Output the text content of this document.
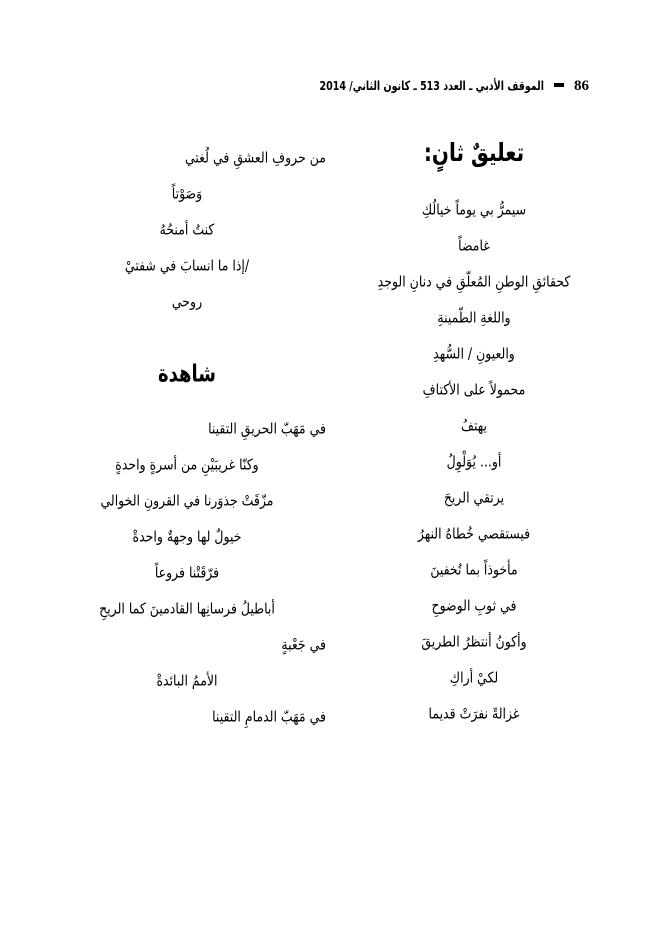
86
الموقف الأدبي ـ العدد 513 ـ كانون الثاني/ 2014
تعليقٌ ثانٍ:
سيمرُّ بي يوماً خيالُكِ
غامضاً
كحقائقِ الوطنِ المُعلّقِ في دنانِ الوجدِ
واللغةِ الطّمينةِ
والعيونِ / السُّهدِ
محمولاً على الأكتافِ
يهتفُ
أو... يُوَلْوِلُ
يرتقي الريحَ
فيستقصي خُطاهُ النهرُ
مأخوذاً بما تُخفينَ
في ثوبِ الوضوحِ
وأكونُ أنتظرُ الطريقَ
لكيْ أراكِ
غزالةً نفرَتْ قديما
من حروفِ العشقِ في لُغتي
وَصَوْتاً
كنتُ أمنحُهُ
/إذا ما انسابَ في شفتيْ
روحي
شاهدة
في مَهَبّ الحريقِ التقينا
وكنّا غريبَيْنِ من أسرةٍ واحدةٍ
مزّقَتْ جذوَرنا في القرونِ الخوالي
خيولٌ لها وجهةٌ واحدةْ
فرّقَتْنا فروعاً
أباطيلُ فرسانِها القادمينَ كما الريحِ
في جَعْبةٍ
الأممُ البائدةْ
في مَهَبّ الدمامِ التقينا
